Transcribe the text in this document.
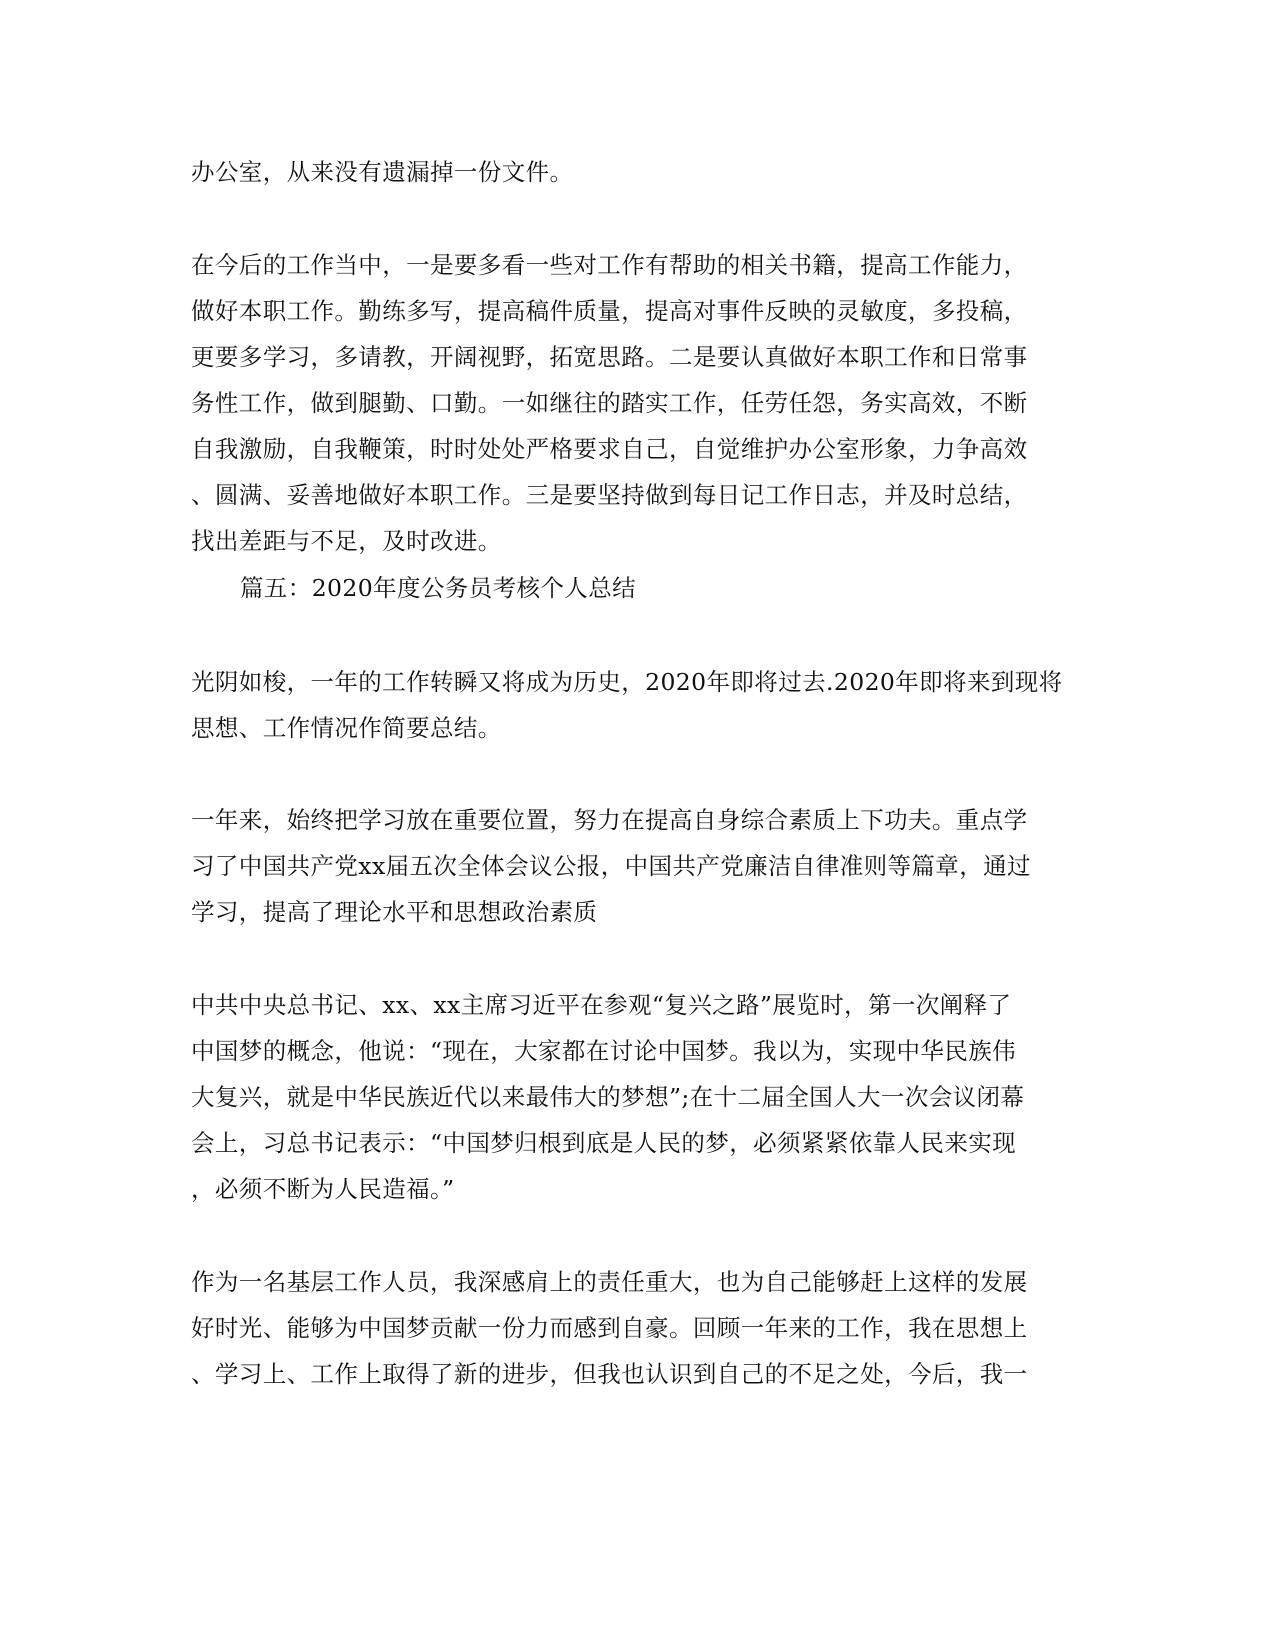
办公室，从来没有遗漏掉一份文件。
在今后的工作当中，一是要多看一些对工作有帮助的相关书籍，提高工作能力，
做好本职工作。勤练多写，提高稿件质量，提高对事件反映的灵敏度，多投稿，
更要多学习，多请教，开阔视野，拓宽思路。二是要认真做好本职工作和日常事
务性工作，做到腿勤、口勤。一如继往的踏实工作，任劳任怨，务实高效，不断
自我激励，自我鞭策，时时处处严格要求自己，自觉维护办公室形象，力争高效
、圆满、妥善地做好本职工作。三是要坚持做到每日记工作日志，并及时总结，
找出差距与不足，及时改进。
篇五：2020年度公务员考核个人总结
光阴如梭，一年的工作转瞬又将成为历史，2020年即将过去.2020年即将来到现将
思想、工作情况作简要总结。
一年来，始终把学习放在重要位置，努力在提高自身综合素质上下功夫。重点学
习了中国共产党xx届五次全体会议公报，中国共产党廉洁自律准则等篇章，通过
学习，提高了理论水平和思想政治素质
中共中央总书记、xx、xx主席习近平在参观“复兴之路”展览时，第一次阐释了
中国梦的概念，他说：“现在，大家都在讨论中国梦。我以为，实现中华民族伟
大复兴，就是中华民族近代以来最伟大的梦想”;在十二届全国人大一次会议闭幕
会上，习总书记表示：“中国梦归根到底是人民的梦，必须紧紧依靠人民来实现
，必须不断为人民造福。”
作为一名基层工作人员，我深感肩上的责任重大，也为自己能够赶上这样的发展
好时光、能够为中国梦贡献一份力而感到自豪。回顾一年来的工作，我在思想上
、学习上、工作上取得了新的进步，但我也认识到自己的不足之处，今后，我一
